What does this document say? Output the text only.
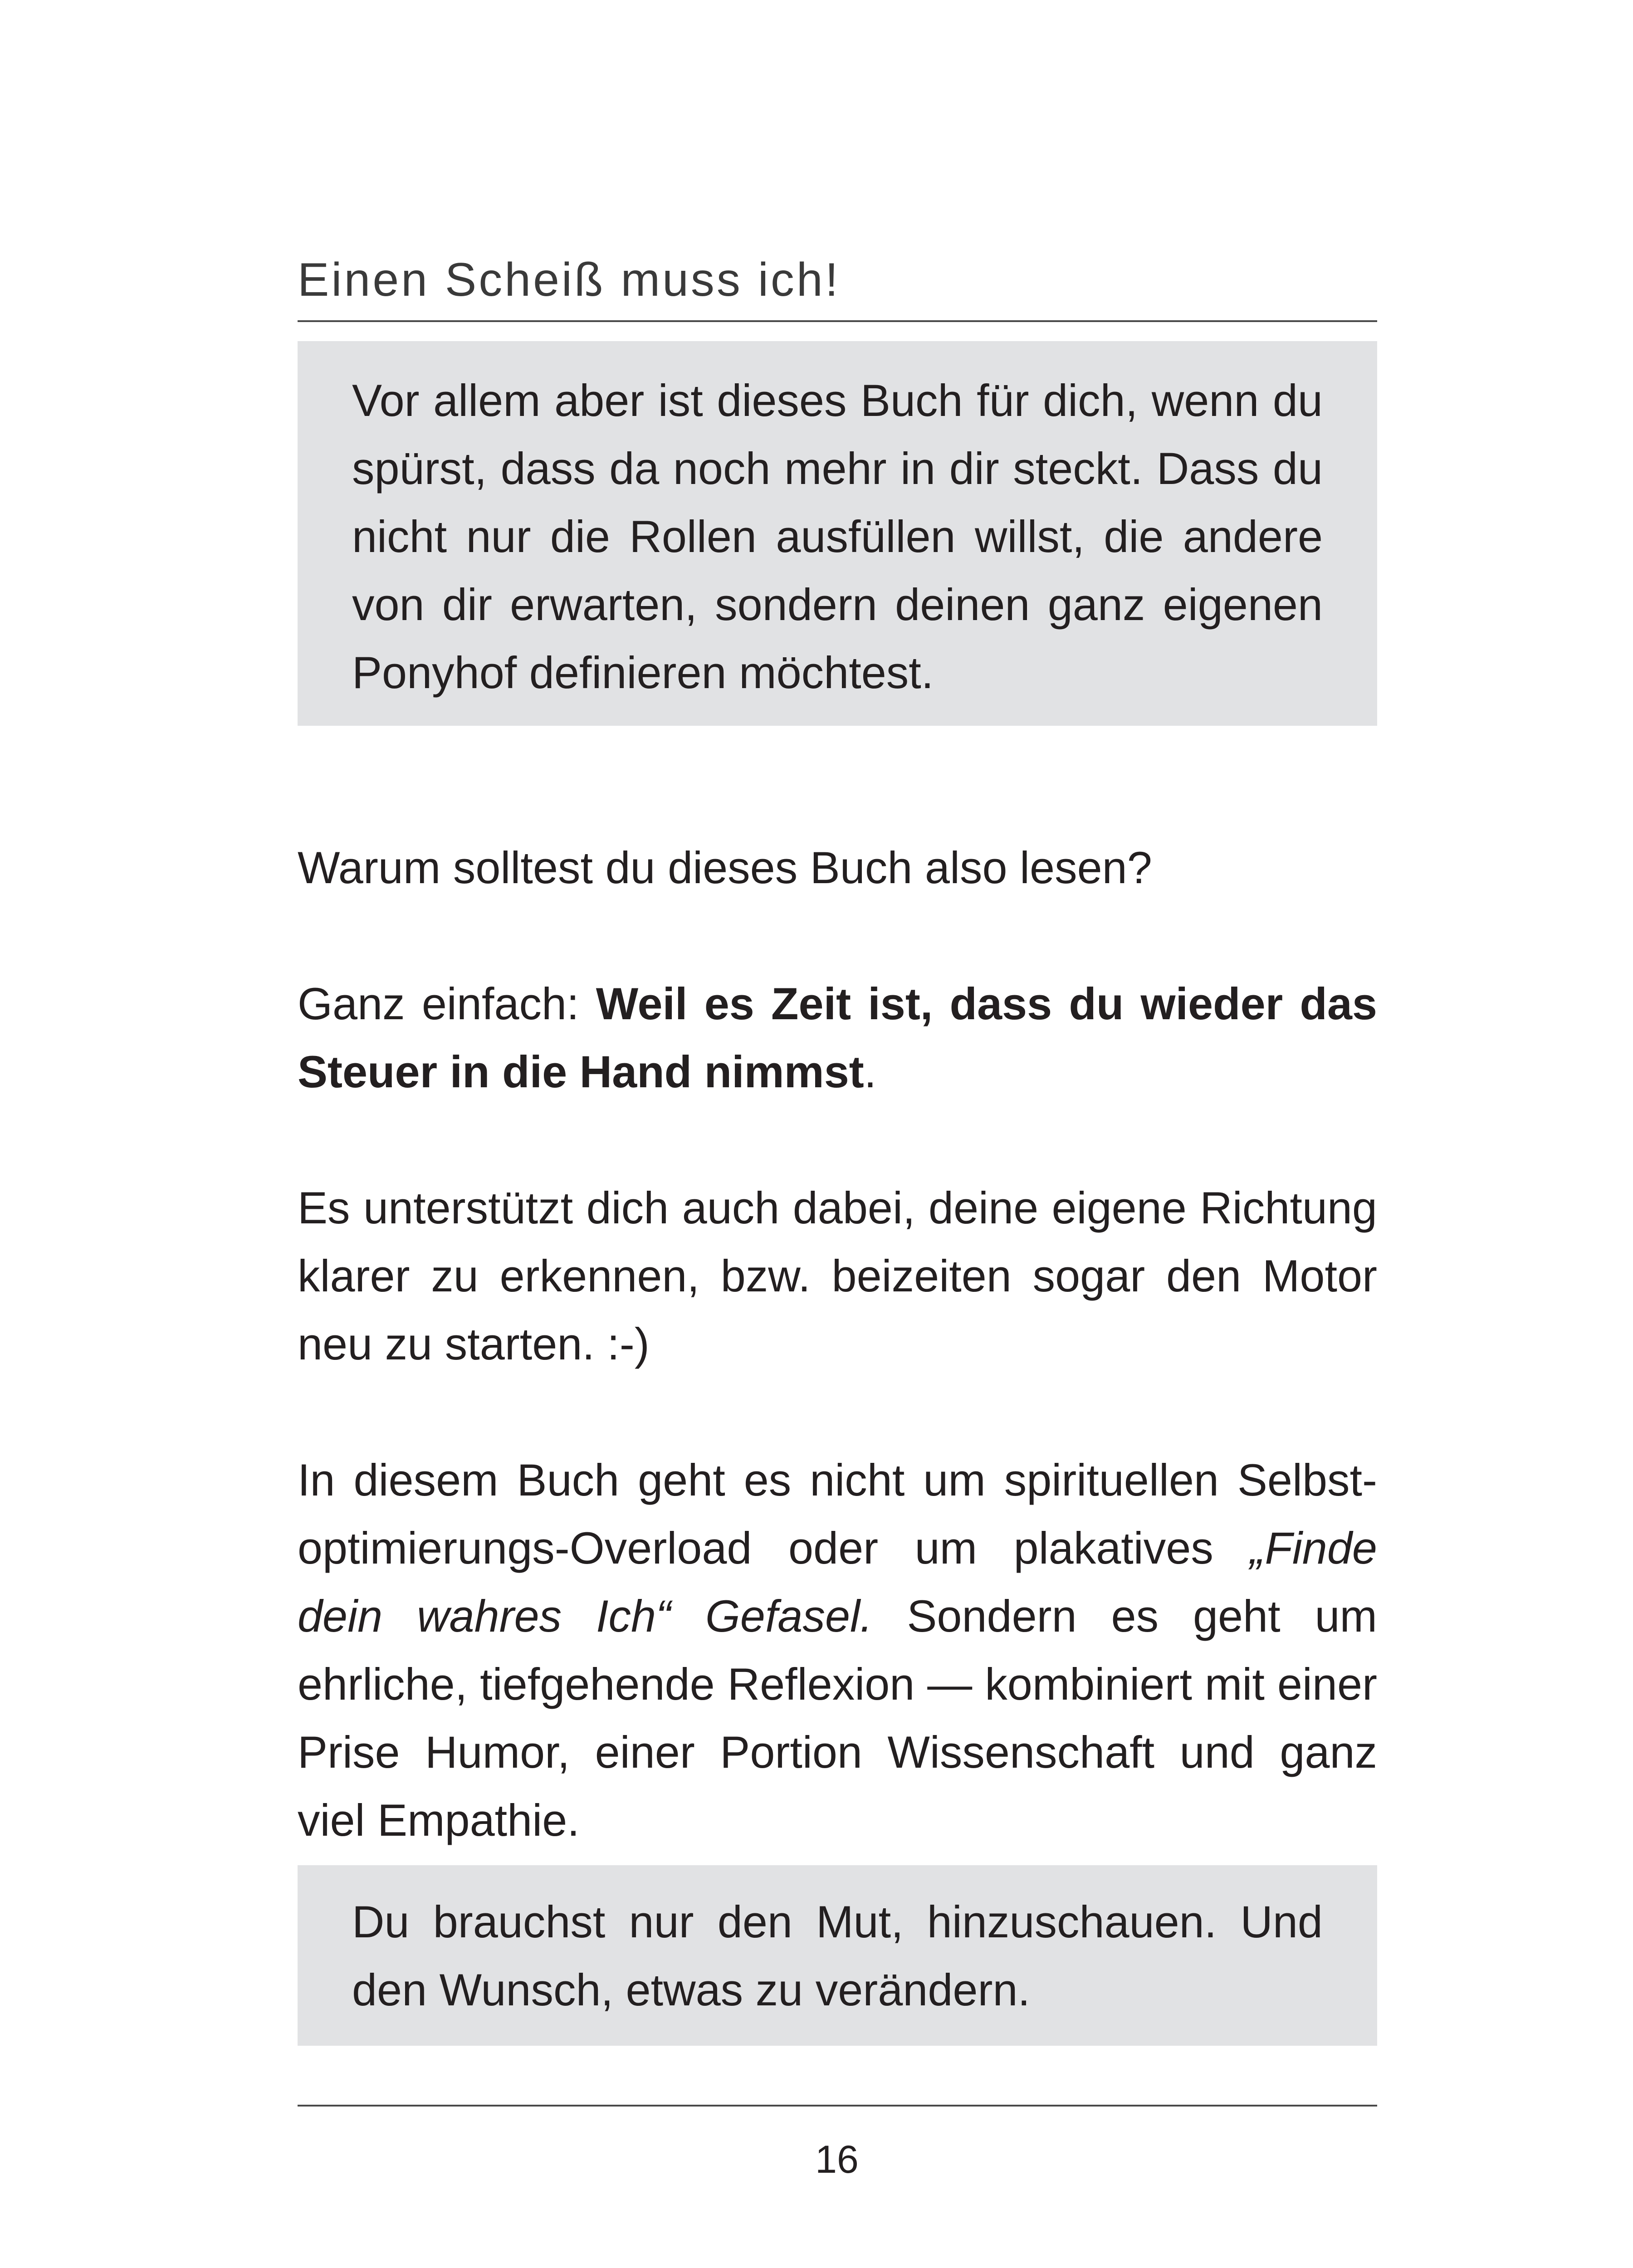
Einen Scheiß muss ich!

Vor allem aber ist dieses Buch für dich, wenn du spürst, dass da noch mehr in dir steckt. Dass du nicht nur die Rollen ausfüllen willst, die andere von dir erwarten, sondern deinen ganz eigenen Ponyhof definieren möchtest.

Warum solltest du dieses Buch also lesen?

Ganz einfach: Weil es Zeit ist, dass du wieder das Steuer in die Hand nimmst.

Es unterstützt dich auch dabei, deine eigene Richtung klarer zu erkennen, bzw. beizeiten sogar den Motor neu zu starten. :-)

In diesem Buch geht es nicht um spirituellen Selbstoptimierungs-Overload oder um plakatives „Finde dein wahres Ich“ Gefasel. Sondern es geht um ehrliche, tiefgehende Reflexion — kombiniert mit einer Prise Humor, einer Portion Wissenschaft und ganz viel Empathie.

Du brauchst nur den Mut, hinzuschauen. Und den Wunsch, etwas zu verändern.

16
